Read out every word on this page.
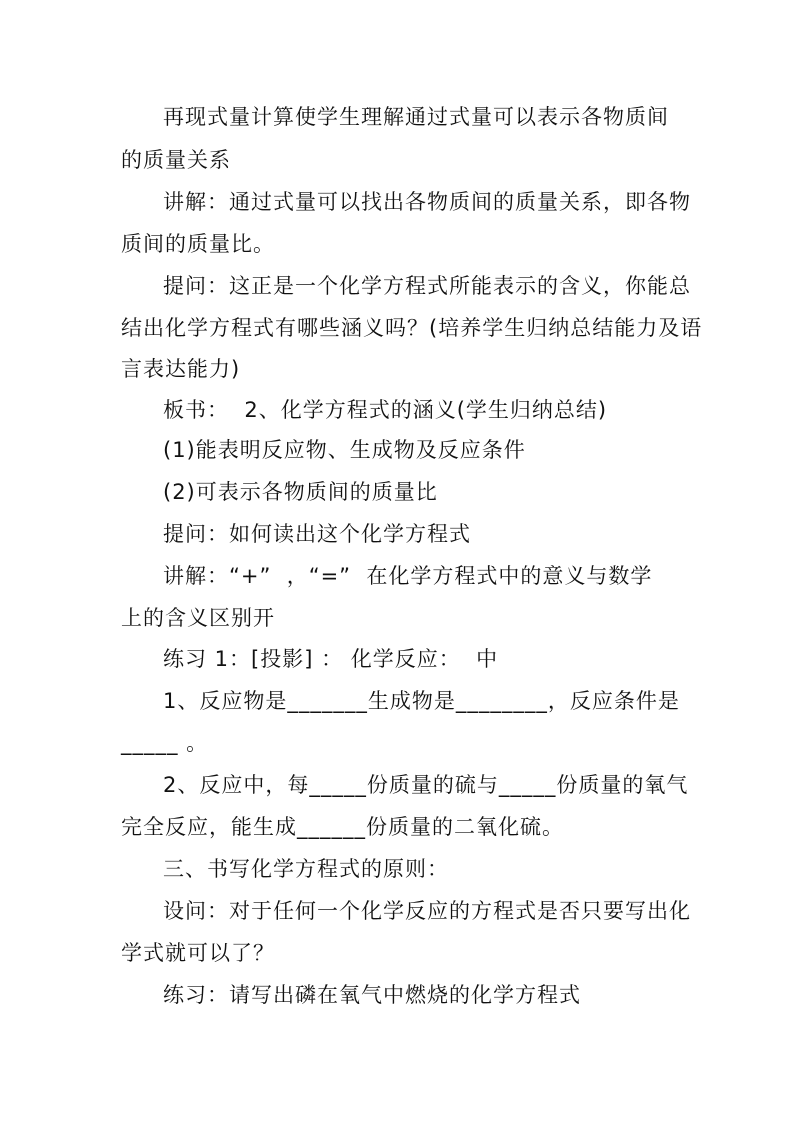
再现式量计算使学生理解通过式量可以表示各物质间
的质量关系
讲解：通过式量可以找出各物质间的质量关系，即各物
质间的质量比。
提问：这正是一个化学方程式所能表示的含义，你能总
结出化学方程式有哪些涵义吗？(培养学生归纳总结能力及语
言表达能力)
板书：  2、化学方程式的涵义(学生归纳总结)
(1)能表明反应物、生成物及反应条件
(2)可表示各物质间的质量比
提问：如何读出这个化学方程式
讲解：“+”  ，“=”  在化学方程式中的意义与数学
上的含义区别开
练习 1：[投影] ： 化学反应：  中
1、反应物是_______生成物是________，反应条件是
_____ 。
2、反应中，每_____份质量的硫与_____份质量的氧气
完全反应，能生成______份质量的二氧化硫。
三、书写化学方程式的原则：
设问：对于任何一个化学反应的方程式是否只要写出化
学式就可以了？
练习：请写出磷在氧气中燃烧的化学方程式
